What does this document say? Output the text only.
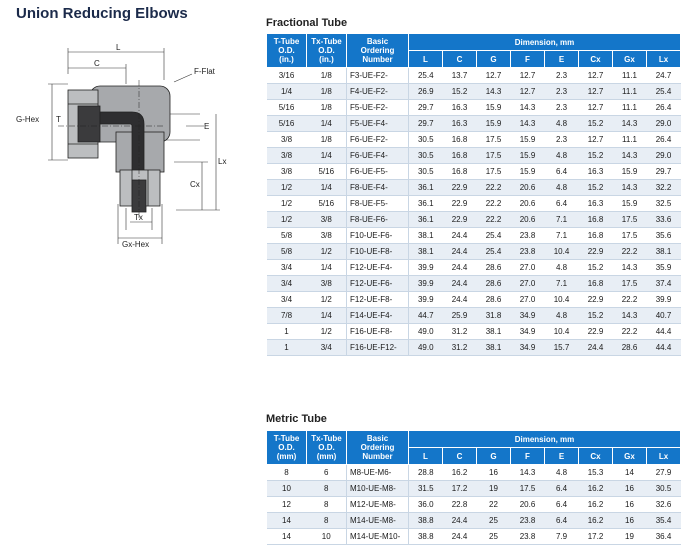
Union Reducing Elbows
L
C
F-Flat
G-Hex T
E
Lx
Cx
Tx
Gx-Hex
Fractional Tube
T-Tube
O.D.
(in.)	Tx-Tube
O.D.
(in.)	Basic
Ordering
Number	Dimension, mm							
			L	C	G	F	E	Cx	Gx	Lx
3/16	1/8	F3-UE-F2-	25.4	13.7	12.7	12.7	2.3	12.7	11.1	24.7
1/4	1/8	F4-UE-F2-	26.9	15.2	14.3	12.7	2.3	12.7	11.1	25.4
5/16	1/8	F5-UE-F2-	29.7	16.3	15.9	14.3	2.3	12.7	11.1	26.4
5/16	1/4	F5-UE-F4-	29.7	16.3	15.9	14.3	4.8	15.2	14.3	29.0
3/8	1/8	F6-UE-F2-	30.5	16.8	17.5	15.9	2.3	12.7	11.1	26.4
3/8	1/4	F6-UE-F4-	30.5	16.8	17.5	15.9	4.8	15.2	14.3	29.0
3/8	5/16	F6-UE-F5-	30.5	16.8	17.5	15.9	6.4	16.3	15.9	29.7
1/2	1/4	F8-UE-F4-	36.1	22.9	22.2	20.6	4.8	15.2	14.3	32.2
1/2	5/16	F8-UE-F5-	36.1	22.9	22.2	20.6	6.4	16.3	15.9	32.5
1/2	3/8	F8-UE-F6-	36.1	22.9	22.2	20.6	7.1	16.8	17.5	33.6
5/8	3/8	F10-UE-F6-	38.1	24.4	25.4	23.8	7.1	16.8	17.5	35.6
5/8	1/2	F10-UE-F8-	38.1	24.4	25.4	23.8	10.4	22.9	22.2	38.1
3/4	1/4	F12-UE-F4-	39.9	24.4	28.6	27.0	4.8	15.2	14.3	35.9
3/4	3/8	F12-UE-F6-	39.9	24.4	28.6	27.0	7.1	16.8	17.5	37.4
3/4	1/2	F12-UE-F8-	39.9	24.4	28.6	27.0	10.4	22.9	22.2	39.9
7/8	1/4	F14-UE-F4-	44.7	25.9	31.8	34.9	4.8	15.2	14.3	40.7
1	1/2	F16-UE-F8-	49.0	31.2	38.1	34.9	10.4	22.9	22.2	44.4
1	3/4	F16-UE-F12-	49.0	31.2	38.1	34.9	15.7	24.4	28.6	44.4
Metric Tube
T-Tube
O.D.
(mm)	Tx-Tube
O.D.
(mm)	Basic
Ordering
Number	Dimension, mm							
			L	C	G	F	E	Cx	Gx	Lx
8	6	M8-UE-M6-	28.8	16.2	16	14.3	4.8	15.3	14	27.9
10	8	M10-UE-M8-	31.5	17.2	19	17.5	6.4	16.2	16	30.5
12	8	M12-UE-M8-	36.0	22.8	22	20.6	6.4	16.2	16	32.6
14	8	M14-UE-M8-	38.8	24.4	25	23.8	6.4	16.2	16	35.4
14	10	M14-UE-M10-	38.8	24.4	25	23.8	7.9	17.2	19	36.4
